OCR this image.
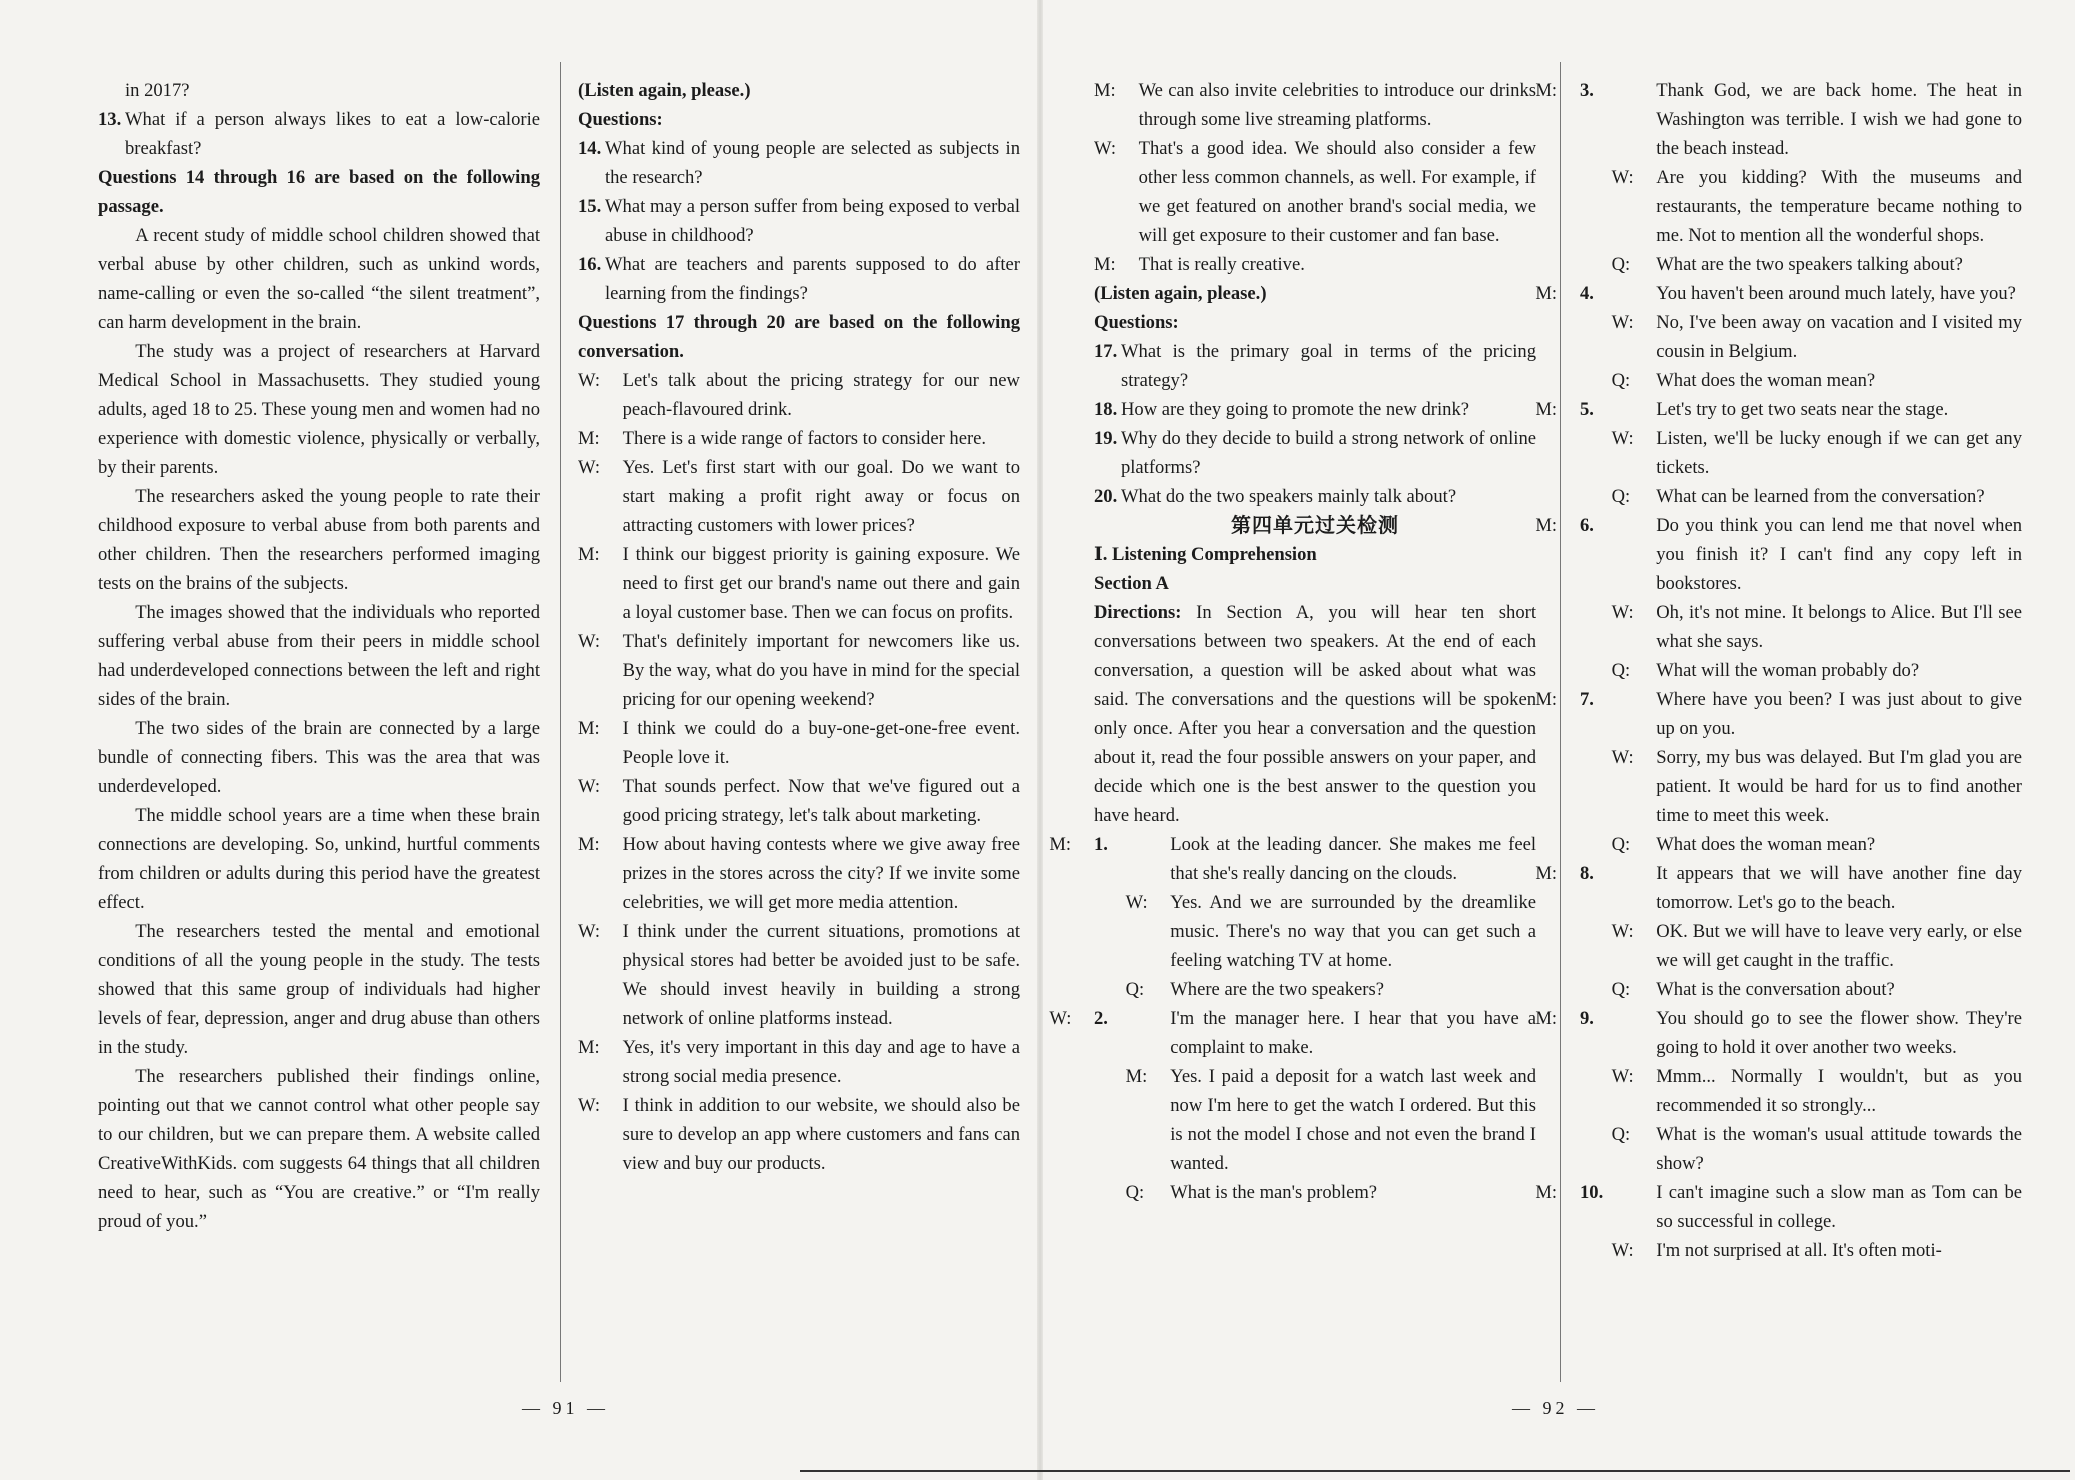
in 2017?

13. What if a person always likes to eat a low-calorie breakfast?

Questions 14 through 16 are based on the following passage.

A recent study of middle school children showed that verbal abuse by other children, such as unkind words, name-calling or even the so-called “the silent treatment”, can harm development in the brain.

The study was a project of researchers at Harvard Medical School in Massachusetts. They studied young adults, aged 18 to 25. These young men and women had no experience with domestic violence, physically or verbally, by their parents.

The researchers asked the young people to rate their childhood exposure to verbal abuse from both parents and other children. Then the researchers performed imaging tests on the brains of the subjects.

The images showed that the individuals who reported suffering verbal abuse from their peers in middle school had underdeveloped connections between the left and right sides of the brain.

The two sides of the brain are connected by a large bundle of connecting fibers. This was the area that was underdeveloped.

The middle school years are a time when these brain connections are developing. So, unkind, hurtful comments from children or adults during this period have the greatest effect.

The researchers tested the mental and emotional conditions of all the young people in the study. The tests showed that this same group of individuals had higher levels of fear, depression, anger and drug abuse than others in the study.

The researchers published their findings online, pointing out that we cannot control what other people say to our children, but we can prepare them. A website called CreativeWithKids. com suggests 64 things that all children need to hear, such as “You are creative.” or “I'm really proud of you.”

(Listen again, please.)

Questions:

14. What kind of young people are selected as subjects in the research?

15. What may a person suffer from being exposed to verbal abuse in childhood?

16. What are teachers and parents supposed to do after learning from the findings?

Questions 17 through 20 are based on the following conversation.

W: Let's talk about the pricing strategy for our new peach-flavoured drink.

M: There is a wide range of factors to consider here.

W: Yes. Let's first start with our goal. Do we want to start making a profit right away or focus on attracting customers with lower prices?

M: I think our biggest priority is gaining exposure. We need to first get our brand's name out there and gain a loyal customer base. Then we can focus on profits.

W: That's definitely important for newcomers like us. By the way, what do you have in mind for the special pricing for our opening weekend?

M: I think we could do a buy-one-get-one-free event. People love it.

W: That sounds perfect. Now that we've figured out a good pricing strategy, let's talk about marketing.

M: How about having contests where we give away free prizes in the stores across the city? If we invite some celebrities, we will get more media attention.

W: I think under the current situations, promotions at physical stores had better be avoided just to be safe. We should invest heavily in building a strong network of online platforms instead.

M: Yes, it's very important in this day and age to have a strong social media presence.

W: I think in addition to our website, we should also be sure to develop an app where customers and fans can view and buy our products.

M: We can also invite celebrities to introduce our drinks through some live streaming platforms.

W: That's a good idea. We should also consider a few other less common channels, as well. For example, if we get featured on another brand's social media, we will get exposure to their customer and fan base.

M: That is really creative.

(Listen again, please.)

Questions:

17. What is the primary goal in terms of the pricing strategy?

18. How are they going to promote the new drink?

19. Why do they decide to build a strong network of online platforms?

20. What do the two speakers mainly talk about?

第四单元过关检测

Ⅰ. Listening Comprehension

Section A

Directions: In Section A, you will hear ten short conversations between two speakers. At the end of each conversation, a question will be asked about what was said. The conversations and the questions will be spoken only once. After you hear a conversation and the question about it, read the four possible answers on your paper, and decide which one is the best answer to the question you have heard.

1.M:	Look at the leading dancer. She makes me feel that she's really dancing on the clouds.

W: Yes. And we are surrounded by the dreamlike music. There's no way that you can get such a feeling watching TV at home.

Q: Where are the two speakers?

2.W:	I'm the manager here. I hear that you have a complaint to make.

M: Yes. I paid a deposit for a watch last week and now I'm here to get the watch I ordered. But this is not the model I chose and not even the brand I wanted.

Q: What is the man's problem?

3.M:	Thank God, we are back home. The heat in Washington was terrible. I wish we had gone to the beach instead.

W: Are you kidding? With the museums and restaurants, the temperature became nothing to me. Not to mention all the wonderful shops.

Q: What are the two speakers talking about?

4.M:	You haven't been around much lately, have you?

W: No, I've been away on vacation and I visited my cousin in Belgium.

Q: What does the woman mean?

5.M:	Let's try to get two seats near the stage.

W: Listen, we'll be lucky enough if we can get any tickets.

Q: What can be learned from the conversation?

6.M:	Do you think you can lend me that novel when you finish it? I can't find any copy left in bookstores.

W: Oh, it's not mine. It belongs to Alice. But I'll see what she says.

Q: What will the woman probably do?

7.M:	Where have you been? I was just about to give up on you.

W: Sorry, my bus was delayed. But I'm glad you are patient. It would be hard for us to find another time to meet this week.

Q: What does the woman mean?

8.M:	It appears that we will have another fine day tomorrow. Let's go to the beach.

W: OK. But we will have to leave very early, or else we will get caught in the traffic.

Q: What is the conversation about?

9.M:	You should go to see the flower show. They're going to hold it over another two weeks.

W: Mmm... Normally I wouldn't, but as you recommended it so strongly...

Q: What is the woman's usual attitude towards the show?

10.M:	I can't imagine such a slow man as Tom can be so successful in college.

W: I'm not surprised at all. It's often moti-

— 91 —	— 92 —
